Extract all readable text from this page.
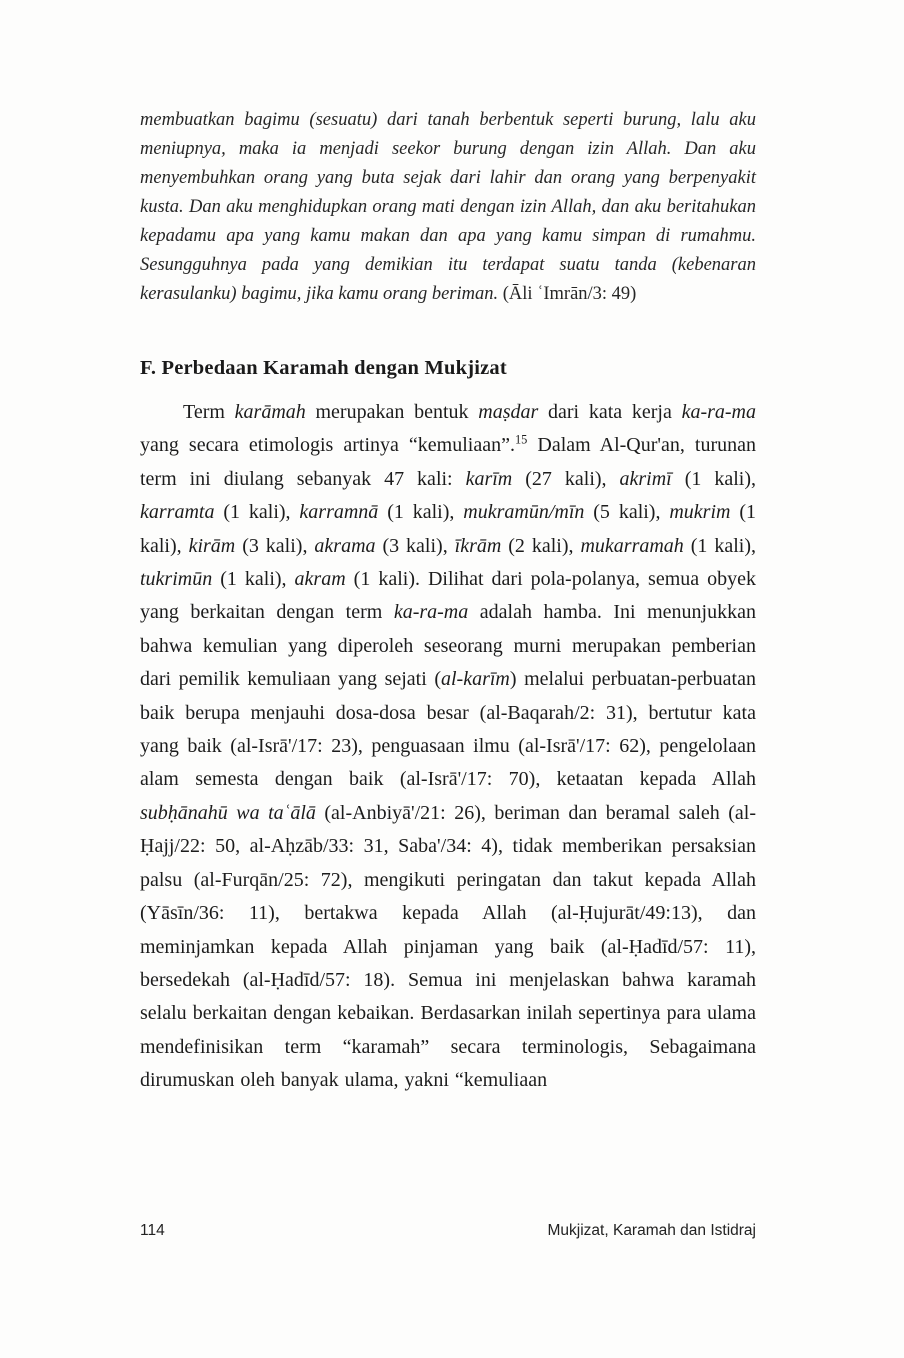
membuatkan bagimu (sesuatu) dari tanah berbentuk seperti burung, lalu aku meniupnya, maka ia menjadi seekor burung dengan izin Allah. Dan aku menyembuhkan orang yang buta sejak dari lahir dan orang yang berpenyakit kusta. Dan aku menghidupkan orang mati dengan izin Allah, dan aku beritahukan kepadamu apa yang kamu makan dan apa yang kamu simpan di rumahmu. Sesungguhnya pada yang demikian itu terdapat suatu tanda (kebenaran kerasulanku) bagimu, jika kamu orang beriman. (Āli ʿImrān/3: 49)
F. Perbedaan Karamah dengan Mukjizat

Term karāmah merupakan bentuk maṣdar dari kata kerja ka-ra-ma yang secara etimologis artinya “kemuliaan”.$^{15}$ Dalam Al-Qur'an, turunan term ini diulang sebanyak 47 kali: karīm (27 kali), akrimī (1 kali), karramta (1 kali), karramnā (1 kali), mukramūn/mīn (5 kali), mukrim (1 kali), kirām (3 kali), akrama (3 kali), īkrām (2 kali), mukarramah (1 kali), tukrimūn (1 kali), akram (1 kali). Dilihat dari pola-polanya, semua obyek yang berkaitan dengan term ka-ra-ma adalah hamba. Ini menunjukkan bahwa kemulian yang diperoleh seseorang murni merupakan pemberian dari pemilik kemuliaan yang sejati (al-karīm) melalui perbuatan-perbuatan baik berupa menjauhi dosa-dosa besar (al-Baqarah/2: 31), bertutur kata yang baik (al-Isrā'/17: 23), penguasaan ilmu (al-Isrā'/17: 62), pengelolaan alam semesta dengan baik (al-Isrā'/17: 70), ketaatan kepada Allah subḥānahū wa taʿālā (al-Anbiyā'/21: 26), beriman dan beramal saleh (al-Ḥajj/22: 50, al-Aḥzāb/33: 31, Saba'/34: 4), tidak memberikan persaksian palsu (al-Furqān/25: 72), mengikuti peringatan dan takut kepada Allah (Yāsīn/36: 11), bertakwa kepada Allah (al-Ḥujurāt/49:13), dan meminjamkan kepada Allah pinjaman yang baik (al-Ḥadīd/57: 11), bersedekah (al-Ḥadīd/57: 18). Semua ini menjelaskan bahwa karamah selalu berkaitan dengan kebaikan. Berdasarkan inilah sepertinya para ulama mendefinisikan term “karamah” secara terminologis, Sebagaimana dirumuskan oleh banyak ulama, yakni “kemuliaan

114	Mukjizat, Karamah dan Istidraj
